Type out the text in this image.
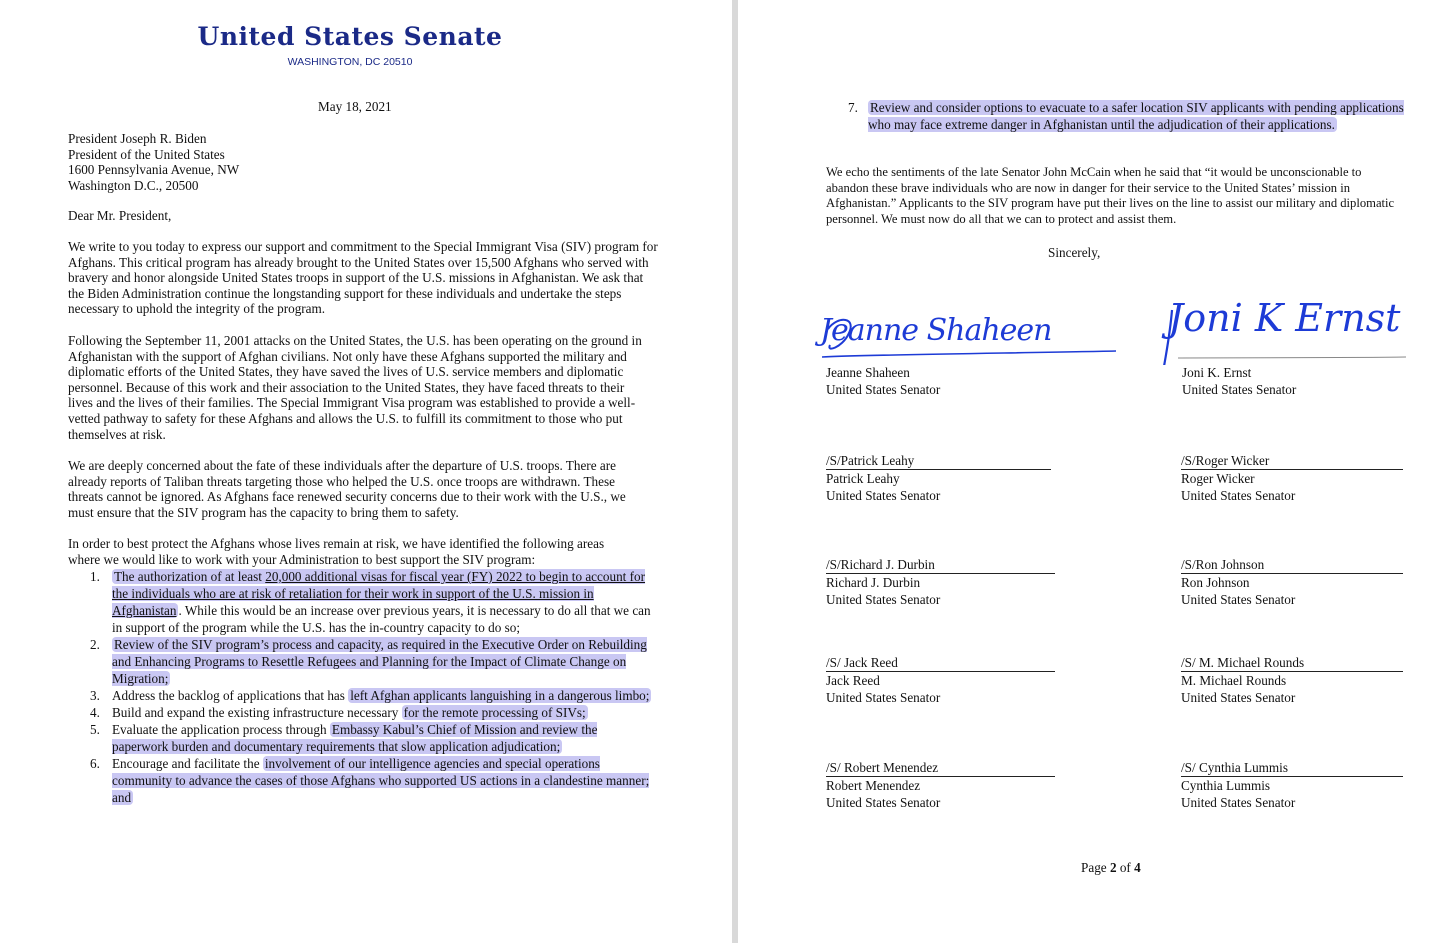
United States Senate
WASHINGTON, DC 20510
May 18, 2021
President Joseph R. Biden
President of the United States
1600 Pennsylvania Avenue, NW
Washington D.C., 20500
Dear Mr. President,
We write to you today to express our support and commitment to the Special Immigrant Visa (SIV) program for Afghans. This critical program has already brought to the United States over 15,500 Afghans who served with bravery and honor alongside United States troops in support of the U.S. missions in Afghanistan. We ask that the Biden Administration continue the longstanding support for these individuals and undertake the steps necessary to uphold the integrity of the program.
Following the September 11, 2001 attacks on the United States, the U.S. has been operating on the ground in Afghanistan with the support of Afghan civilians. Not only have these Afghans supported the military and diplomatic efforts of the United States, they have saved the lives of U.S. service members and diplomatic personnel. Because of this work and their association to the United States, they have faced threats to their lives and the lives of their families. The Special Immigrant Visa program was established to provide a well-vetted pathway to safety for these Afghans and allows the U.S. to fulfill its commitment to those who put themselves at risk.
We are deeply concerned about the fate of these individuals after the departure of U.S. troops. There are already reports of Taliban threats targeting those who helped the U.S. once troops are withdrawn. These threats cannot be ignored. As Afghans face renewed security concerns due to their work with the U.S., we must ensure that the SIV program has the capacity to bring them to safety.
In order to best protect the Afghans whose lives remain at risk, we have identified the following areas where we would like to work with your Administration to best support the SIV program:
1. The authorization of at least 20,000 additional visas for fiscal year (FY) 2022 to begin to account for the individuals who are at risk of retaliation for their work in support of the U.S. mission in Afghanistan . While this would be an increase over previous years, it is necessary to do all that we can in support of the program while the U.S. has the in-country capacity to do so;
2. Review of the SIV program’s process and capacity, as required in the Executive Order on Rebuilding and Enhancing Programs to Resettle Refugees and Planning for the Impact of Climate Change on Migration;
3. Address the backlog of applications that has left Afghan applicants languishing in a dangerous limbo;
4. Build and expand the existing infrastructure necessary for the remote processing of SIVs;
5. Evaluate the application process through Embassy Kabul’s Chief of Mission and review the paperwork burden and documentary requirements that slow application adjudication;
6. Encourage and facilitate the involvement of our intelligence agencies and special operations community to advance the cases of those Afghans who supported US actions in a clandestine manner; and
7. Review and consider options to evacuate to a safer location SIV applicants with pending applications who may face extreme danger in Afghanistan until the adjudication of their applications.
We echo the sentiments of the late Senator John McCain when he said that “it would be unconscionable to abandon these brave individuals who are now in danger for their service to the United States’ mission in Afghanistan.” Applicants to the SIV program have put their lives on the line to assist our military and diplomatic personnel. We must now do all that we can to protect and assist them.
Sincerely,
Jeanne Shaheen
Jeanne Shaheen
United States Senator
Joni K Ernst
Joni K. Ernst
United States Senator
/S/Patrick Leahy
Patrick Leahy
United States Senator
/S/Roger Wicker
Roger Wicker
United States Senator
/S/Richard J. Durbin
Richard J. Durbin
United States Senator
/S/Ron Johnson
Ron Johnson
United States Senator
/S/ Jack Reed
Jack Reed
United States Senator
/S/ M. Michael Rounds
M. Michael Rounds
United States Senator
/S/ Robert Menendez
Robert Menendez
United States Senator
/S/ Cynthia Lummis
Cynthia Lummis
United States Senator
Page 2 of 4
